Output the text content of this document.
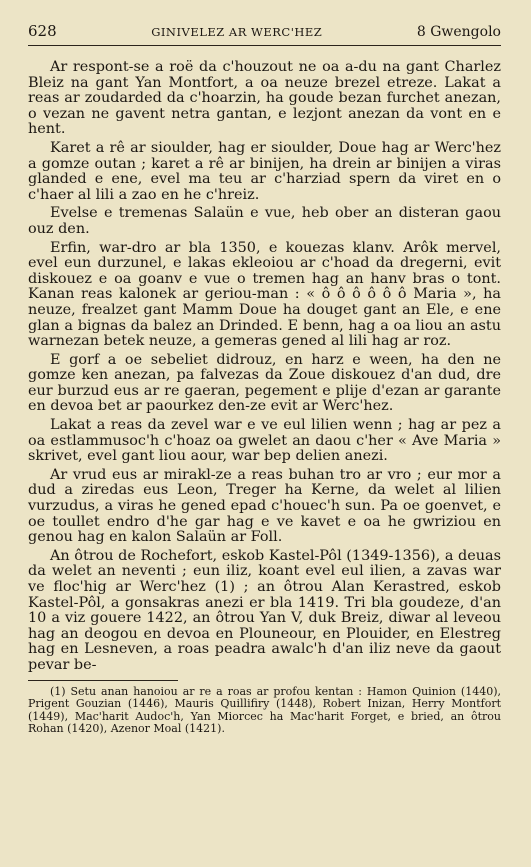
628	GINIVELEZ AR WERC'HEZ	8 Gwengolo

Ar respont-se a roë da c'houzout ne oa a-du na gant Charlez Bleiz na gant Yan Montfort, a oa neuze brezel etreze. Lakat a reas ar zoudarded da c'hoarzin, ha goude bezan furchet anezan, o vezan ne gavent netra gantan, e lezjont anezan da vont en e hent.

Karet a rê ar sioulder, hag er sioulder, Doue hag ar Werc'hez a gomze outan ; karet a rê ar binijen, ha drein ar binijen a viras glanded e ene, evel ma teu ar c'harziad spern da viret en o c'haer al lili a zao en he c'hreiz.

Evelse e tremenas Salaün e vue, heb ober an disteran gaou ouz den.

Erfin, war-dro ar bla 1350, e kouezas klanv. Arôk mervel, evel eun durzunel, e lakas ekleoiou ar c'hoad da dregerni, evit diskouez e oa goanv e vue o tremen hag an hanv bras o tont. Kanan reas kalonek ar geriou-man : « ô ô ô ô ô ô Maria », ha neuze, frealzet gant Mamm Doue ha douget gant an Ele, e ene glan a bignas da balez an Drinded. E benn, hag a oa liou an astu warnezan betek neuze, a gemeras gened al lili hag ar roz.

E gorf a oe sebeliet didrouz, en harz e ween, ha den ne gomze ken anezan, pa falvezas da Zoue diskouez d'an dud, dre eur burzud eus ar re gaeran, pegement e plije d'ezan ar garante en devoa bet ar paourkez den-ze evit ar Werc'hez.

Lakat a reas da zevel war e ve eul lilien wenn ; hag ar pez a oa estlammusoc'h c'hoaz oa gwelet an daou c'her « Ave Maria » skrivet, evel gant liou aour, war bep delien anezi.

Ar vrud eus ar mirakl-ze a reas buhan tro ar vro ; eur mor a dud a ziredas eus Leon, Treger ha Kerne, da welet al lilien vurzudus, a viras he gened epad c'houec'h sun. Pa oe goenvet, e oe toullet endro d'he gar hag e ve kavet e oa he gwriziou en genou hag en kalon Salaün ar Foll.

An ôtrou de Rochefort, eskob Kastel-Pôl (1349-1356), a deuas da welet an neventi ; eun iliz, koant evel eul ilien, a zavas war ve floc'hig ar Werc'hez (1) ; an ôtrou Alan Kerastred, eskob Kastel-Pôl, a gonsakras anezi er bla 1419. Tri bla goudeze, d'an 10 a viz gouere 1422, an ôtrou Yan V, duk Breiz, diwar al leveou hag an deogou en devoa en Plouneour, en Plouider, en Elestreg hag en Lesneven, a roas peadra awalc'h d'an iliz neve da gaout pevar be-

(1) Setu anan hanoiou ar re a roas ar profou kentan : Hamon Quinion (1440), Prigent Gouzian (1446), Mauris Quillifiry (1448), Robert Inizan, Herry Montfort (1449), Mac'harit Audoc'h, Yan Miorcec ha Mac'harit Forget, e bried, an ôtrou Rohan (1420), Azenor Moal (1421).
